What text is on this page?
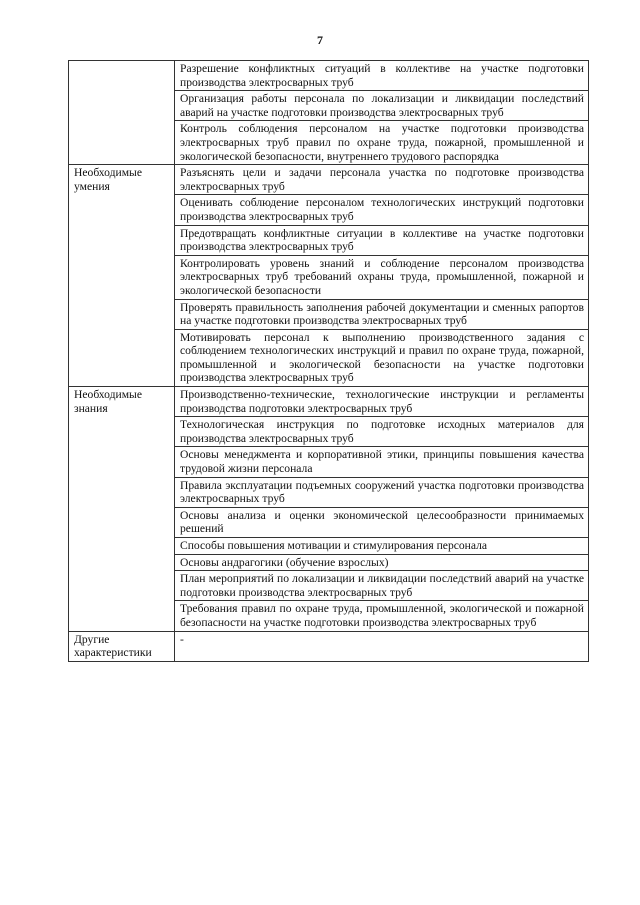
7
	Разрешение конфликтных ситуаций в коллективе на участке подготовки производства электросварных труб
	Организация работы персонала по локализации и ликвидации последствий аварий на участке подготовки производства электросварных труб
	Контроль соблюдения персоналом на участке подготовки производства электросварных труб правил по охране труда, пожарной, промышленной и экологической безопасности, внутреннего трудового распорядка

Необходимые умения	Разъяснять цели и задачи персонала участка по подготовке производства электросварных труб
	Оценивать соблюдение персоналом технологических инструкций подготовки производства электросварных труб
	Предотвращать конфликтные ситуации в коллективе на участке подготовки производства электросварных труб
	Контролировать уровень знаний и соблюдение персоналом производства электросварных труб требований охраны труда, промышленной, пожарной и экологической безопасности
	Проверять правильность заполнения рабочей документации и сменных рапортов на участке подготовки производства электросварных труб
	Мотивировать персонал к выполнению производственного задания с соблюдением технологических инструкций и правил по охране труда, пожарной, промышленной и экологической безопасности на участке подготовки производства электросварных труб

Необходимые знания	Производственно-технические, технологические инструкции и регламенты производства подготовки электросварных труб
	Технологическая инструкция по подготовке исходных материалов для производства электросварных труб
	Основы менеджмента и корпоративной этики, принципы повышения качества трудовой жизни персонала
	Правила эксплуатации подъемных сооружений участка подготовки производства электросварных труб
	Основы анализа и оценки экономической целесообразности принимаемых решений
	Способы повышения мотивации и стимулирования персонала
	Основы андрагогики (обучение взрослых)
	План мероприятий по локализации и ликвидации последствий аварий на участке подготовки производства электросварных труб
	Требования правил по охране труда, промышленной, экологической и пожарной безопасности на участке подготовки производства электросварных труб

Другие характеристики	-
